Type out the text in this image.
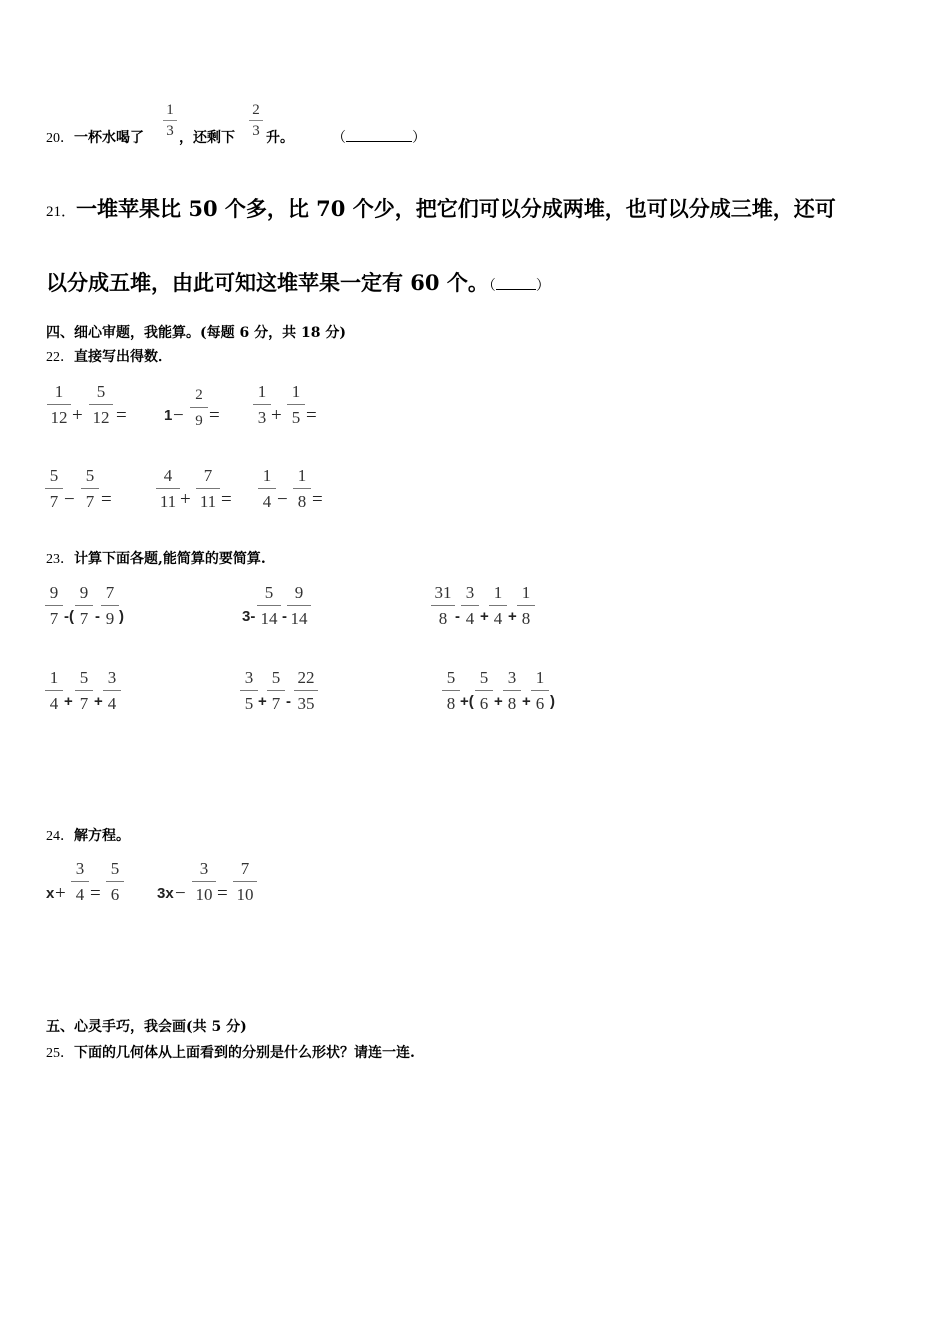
20．一杯水喝了
1
3 ，还剩下
2
3 升。	（	）
21．一堆苹果比 50 个多，比 70 个少，把它们可以分成两堆，也可以分成三堆，还可
以分成五堆，由此可知这堆苹果一定有 60 个。（	）
四、细心审题，我能算。(每题 6 分，共 18 分)
22．直接写出得数．
1
12 +
5
12 = 1 −
2
9 =
1
3 +
1
5 =
5
7 −
5
7 =
4
11 +
7
11 =
1
4 −
1
8 =
23．计算下面各题,能简算的要简算.
9
7 -(
9
7 -
7
9 )	3-
5
14 -
9
14
31
8 -
3
4 +
1
4 +
1
8
1
4 +
5
7 +
3
4
3
5 +
5
7 -
22
35
5
8 +(
5
6 +
3
8 +
1
6 )
24．解方程。
x +
3
4 =
5
6	3x −
3
10 =
7
10
五、心灵手巧，我会画(共 5 分)
25．下面的几何体从上面看到的分别是什么形状？请连一连.
